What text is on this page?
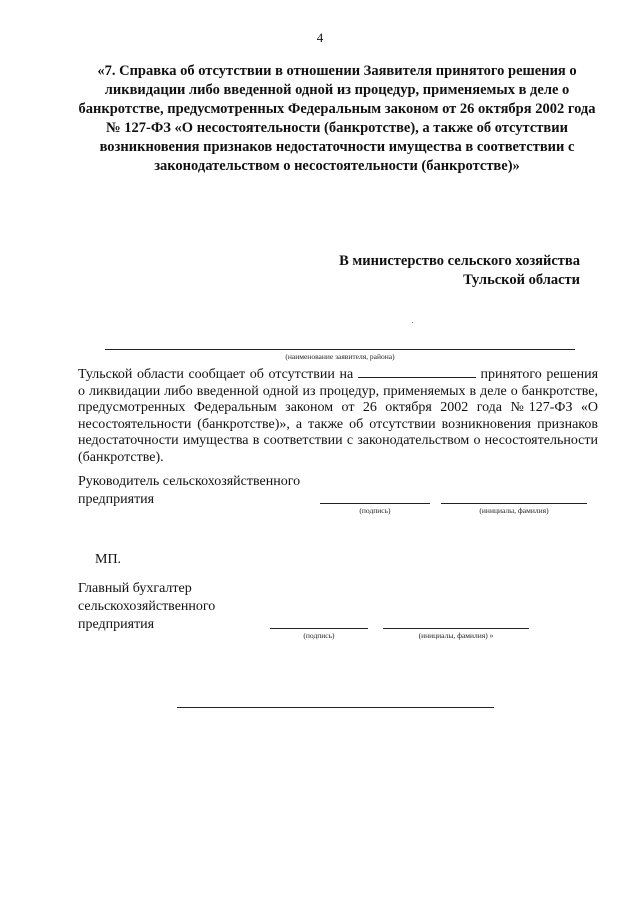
4
«7. Справка об отсутствии в отношении Заявителя принятого решения о ликвидации либо введенной одной из процедур, применяемых в деле о банкротстве, предусмотренных Федеральным законом от 26 октября 2002 года № 127-ФЗ «О несостоятельности (банкротстве), а также об отсутствии возникновения признаков недостаточности имущества в соответствии с законодательством о несостоятельности (банкротстве)»
В министерство сельского хозяйства
Тульской области
(наименование заявителя, района)
Тульской области сообщает об отсутствии на	принятого решения о ликвидации либо введенной одной из процедур, применяемых в деле о банкротстве, предусмотренных Федеральным законом от 26 октября 2002 года №127-ФЗ «О несостоятельности (банкротстве)», а также об отсутствии возникновения признаков недостаточности имущества в соответствии с законодательством о несостоятельности (банкротстве).
Руководитель сельскохозяйственного
предприятия
(подпись)	(инициалы, фамилия)
МП.
Главный бухгалтер
сельскохозяйственного
предприятия
(подпись)	(инициалы, фамилия) »
